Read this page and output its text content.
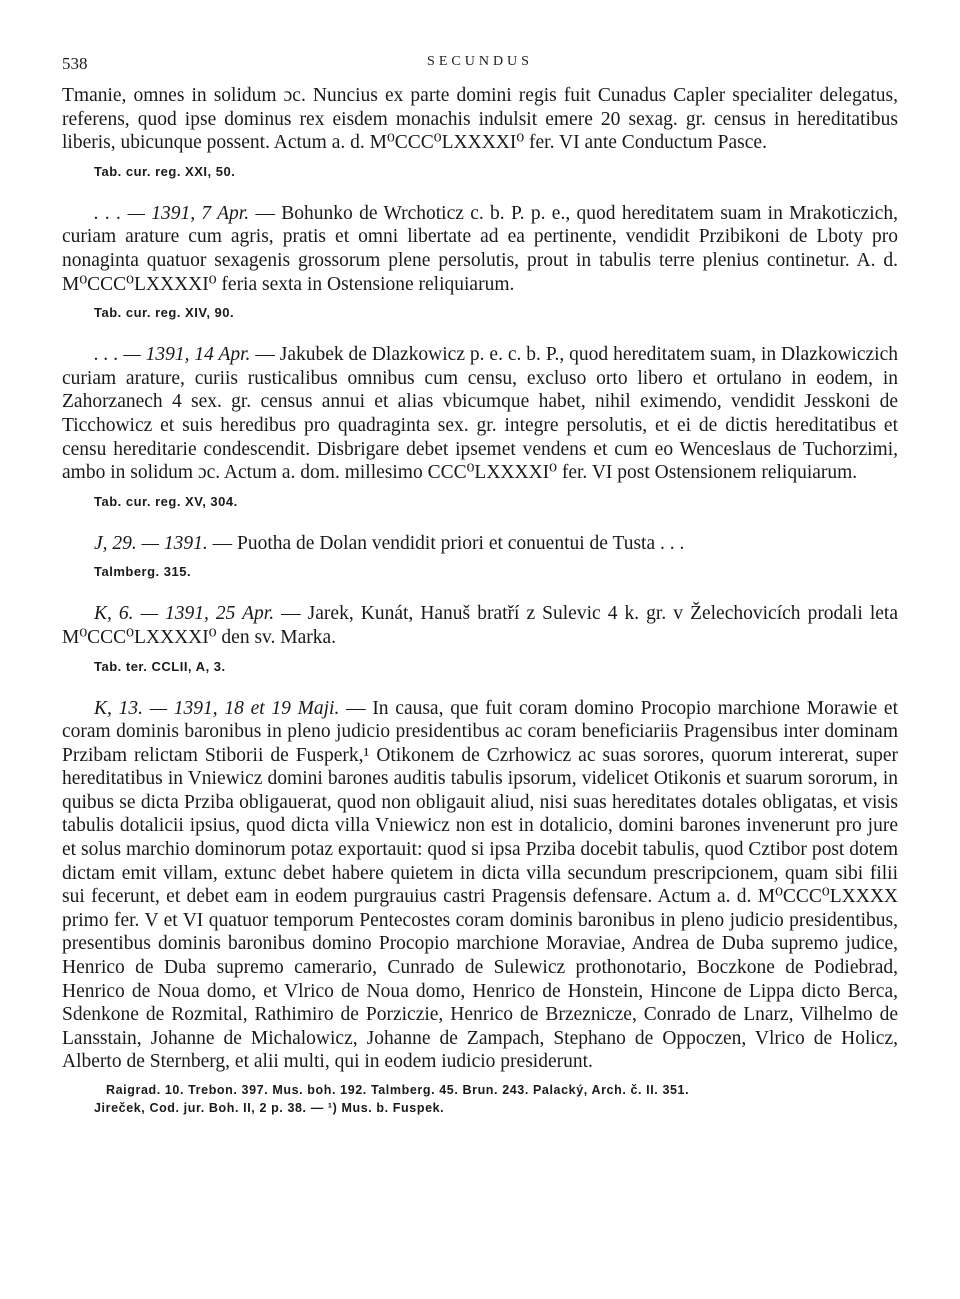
538	SECUNDUS

Tmanie, omnes in solidum ɔc. Nuncius ex parte domini regis fuit Cunadus Capler specialiter delegatus, referens, quod ipse dominus rex eisdem monachis indulsit emere 20 sexag. gr. census in hereditatibus liberis, ubicunque possent. Actum a. d. M⁰CCC⁰LXXXXI⁰ fer. VI ante Conductum Pasce.

Tab. cur. reg. XXI, 50.

. . . — 1391, 7 Apr. — Bohunko de Wrchoticz c. b. P. p. e., quod hereditatem suam in Mrakoticzich, curiam arature cum agris, pratis et omni libertate ad ea pertinente, vendidit Przibikoni de Lboty pro nonaginta quatuor sexagenis grossorum plene persolutis, prout in tabulis terre plenius continetur. A. d. M⁰CCC⁰LXXXXI⁰ feria sexta in Ostensione reliquiarum.

Tab. cur. reg. XIV, 90.

. . . — 1391, 14 Apr. — Jakubek de Dlazkowicz p. e. c. b. P., quod hereditatem suam, in Dlazkowiczich curiam arature, curiis rusticalibus omnibus cum censu, excluso orto libero et ortulano in eodem, in Zahorzanech 4 sex. gr. census annui et alias vbicumque habet, nihil eximendo, vendidit Jesskoni de Ticchowicz et suis heredibus pro quadraginta sex. gr. integre persolutis, et ei de dictis hereditatibus et censu hereditarie condescendit. Disbrigare debet ipsemet vendens et cum eo Wenceslaus de Tuchorzimi, ambo in solidum ɔc. Actum a. dom. millesimo CCC⁰LXXXXI⁰ fer. VI post Ostensionem reliquiarum.

Tab. cur. reg. XV, 304.

J, 29. — 1391. — Puotha de Dolan vendidit priori et conuentui de Tusta . . .

Talmberg. 315.

K, 6. — 1391, 25 Apr. — Jarek, Kunát, Hanuš bratří z Sulevic 4 k. gr. v Želechovicích prodali leta M⁰CCC⁰LXXXXI⁰ den sv. Marka.

Tab. ter. CCLII, A, 3.

K, 13. — 1391, 18 et 19 Maji. — In causa, que fuit coram domino Procopio marchione Morawie et coram dominis baronibus in pleno judicio presidentibus ac coram beneficiariis Pragensibus inter dominam Przibam relictam Stiborii de Fusperk,¹ Otikonem de Czrhowicz ac suas sorores, quorum intererat, super hereditatibus in Vniewicz domini barones auditis tabulis ipsorum, videlicet Otikonis et suarum sororum, in quibus se dicta Prziba obligauerat, quod non obligauit aliud, nisi suas hereditates dotales obligatas, et visis tabulis dotalicii ipsius, quod dicta villa Vniewicz non est in dotalicio, domini barones invenerunt pro jure et solus marchio dominorum potaz exportauit: quod si ipsa Prziba docebit tabulis, quod Cztibor post dotem dictam emit villam, extunc debet habere quietem in dicta villa secundum prescripcionem, quam sibi filii sui fecerunt, et debet eam in eodem purgrauius castri Pragensis defensare. Actum a. d. M⁰CCC⁰LXXXX primo fer. V et VI quatuor temporum Pentecostes coram dominis baronibus in pleno judicio presidentibus, presentibus dominis baronibus domino Procopio marchione Moraviae, Andrea de Duba supremo judice, Henrico de Duba supremo camerario, Cunrado de Sulewicz prothonotario, Boczkone de Podiebrad, Henrico de Noua domo, et Vlrico de Noua domo, Henrico de Honstein, Hincone de Lippa dicto Berca, Sdenkone de Rozmital, Rathimiro de Porziczie, Henrico de Brzeznicze, Conrado de Lnarz, Vilhelmo de Lansstain, Johanne de Michalowicz, Johanne de Zampach, Stephano de Oppoczen, Vlrico de Holicz, Alberto de Sternberg, et alii multi, qui in eodem iudicio presiderunt.

Raigrad. 10. Trebon. 397. Mus. boh. 192. Talmberg. 45. Brun. 243. Palacký, Arch. č. II. 351.
Jireček, Cod. jur. Boh. II, 2 p. 38. — ¹) Mus. b. Fuspek.
